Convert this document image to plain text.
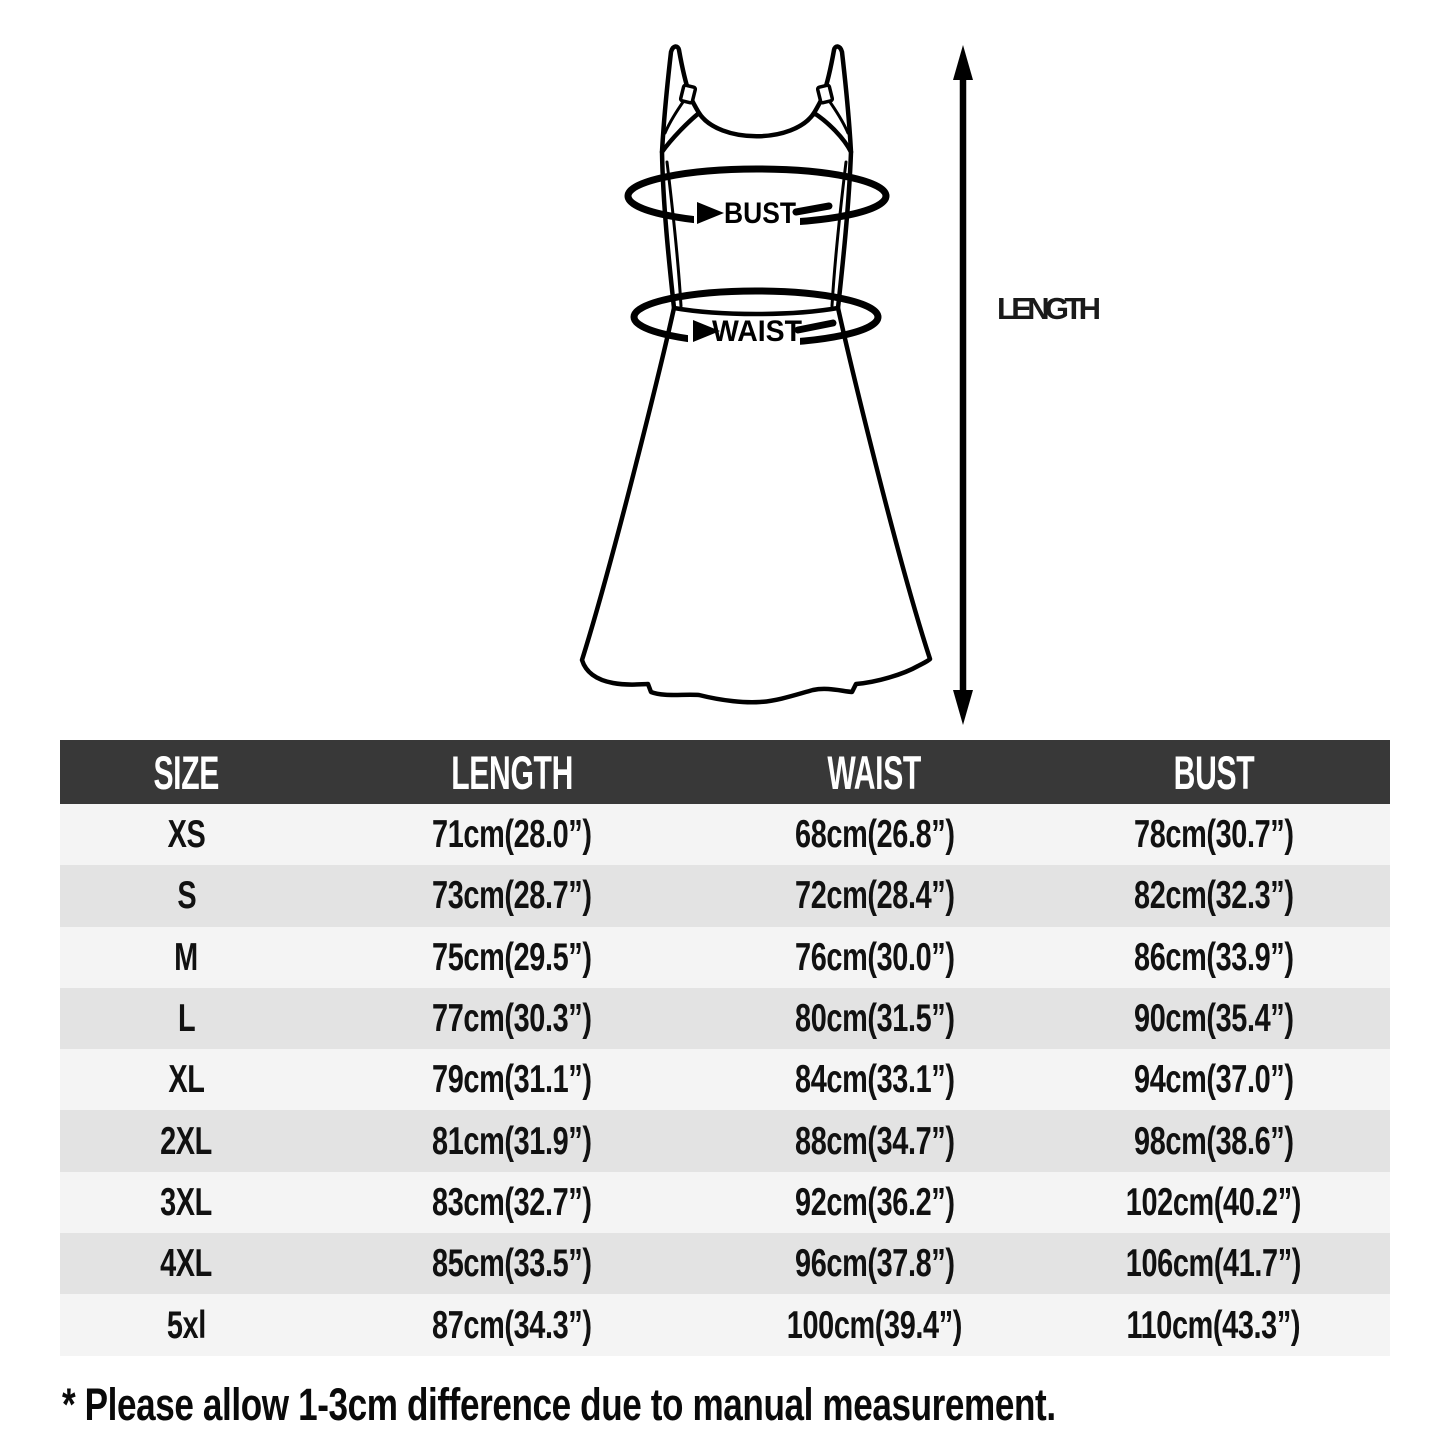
BUST
WAIST
LENGTH
SIZE	LENGTH	WAIST	BUST
XS	71cm(28.0”)	68cm(26.8”)	78cm(30.7”)
S	73cm(28.7”)	72cm(28.4”)	82cm(32.3”)
M	75cm(29.5”)	76cm(30.0”)	86cm(33.9”)
L	77cm(30.3”)	80cm(31.5”)	90cm(35.4”)
XL	79cm(31.1”)	84cm(33.1”)	94cm(37.0”)
2XL	81cm(31.9”)	88cm(34.7”)	98cm(38.6”)
3XL	83cm(32.7”)	92cm(36.2”)	102cm(40.2”)
4XL	85cm(33.5”)	96cm(37.8”)	106cm(41.7”)
5xl	87cm(34.3”)	100cm(39.4”)	110cm(43.3”)
* Please allow 1-3cm difference due to manual measurement.
